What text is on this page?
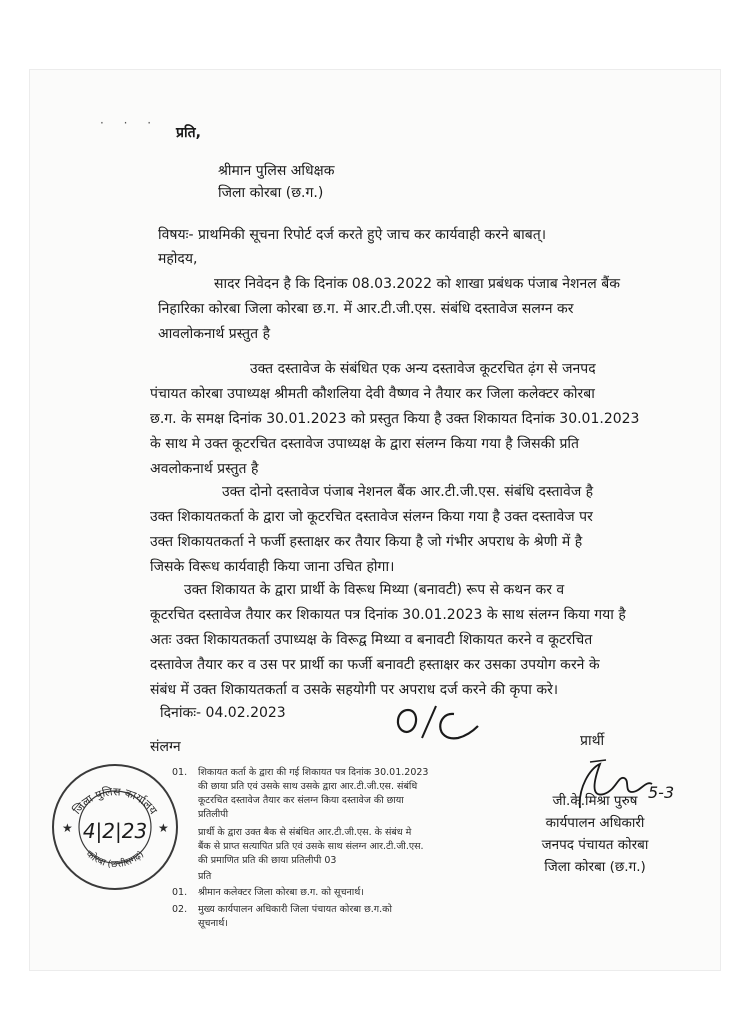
· · ·
प्रति,
श्रीमान पुलिस अधिक्षक
जिला कोरबा (छ.ग.)
विषयः- प्राथमिकी सूचना रिपोर्ट दर्ज करते हुऐ जाच कर कार्यवाही करने बाबत्।
महोदय,
सादर निवेदन है कि दिनांक 08.03.2022 को शाखा प्रबंधक पंजाब नेशनल बैंक
निहारिका कोरबा जिला कोरबा छ.ग. में आर.टी.जी.एस. संबंधि दस्तावेज सलग्न कर
आवलोकनार्थ प्रस्तुत है
उक्त दस्तावेज के संबंधित एक अन्य दस्तावेज कूटरचित ढ़ंग से जनपद
पंचायत कोरबा उपाध्यक्ष श्रीमती कौशलिया देवी वैष्णव ने तैयार कर जिला कलेक्टर कोरबा
छ.ग. के समक्ष दिनांक 30.01.2023 को प्रस्तुत किया है उक्त शिकायत दिनांक 30.01.2023
के साथ मे उक्त कूटरचित दस्तावेज उपाध्यक्ष के द्वारा संलग्न किया गया है जिसकी प्रति
अवलोकनार्थ प्रस्तुत है
उक्त दोनो दस्तावेज पंजाब नेशनल बैंक आर.टी.जी.एस. संबंधि दस्तावेज है
उक्त शिकायतकर्ता के द्वारा जो कूटरचित दस्तावेज संलग्न किया गया है उक्त दस्तावेज पर
उक्त शिकायतकर्ता ने फर्जी हस्ताक्षर कर तैयार किया है जो गंभीर अपराध के श्रेणी में है
जिसके विरूध कार्यवाही किया जाना उचित होगा।
उक्त शिकायत के द्वारा प्रार्थी के विरूध मिथ्या (बनावटी) रूप से कथन कर व
कूटरचित दस्तावेज तैयार कर शिकायत पत्र दिनांक 30.01.2023 के साथ संलग्न किया गया है
अतः उक्त शिकायतकर्ता उपाध्यक्ष के विरूद्व मिथ्या व बनावटी शिकायत करने व कूटरचित
दस्तावेज तैयार कर व उस पर प्रार्थी का फर्जी बनावटी हस्ताक्षर कर उसका उपयोग करने के
संबंध में उक्त शिकायतकर्ता व उसके सहयोगी पर अपराध दर्ज करने की कृपा करे।
दिनांकः- 04.02.2023
प्रार्थी
संलग्न
01.	शिकायत कर्ता के द्वारा की गई शिकायत पत्र दिनांक 30.01.2023
की छाया प्रति एवं उसके साथ उसके द्वारा आर.टी.जी.एस. संबंधि
कूटरचित दस्तावेज तैयार कर संलग्न किया दस्तावेज की छाया
प्रतिलीपी
प्रार्थी के द्वारा उक्त बैक से संबंधित आर.टी.जी.एस. के संबंध मे
बैंक से प्राप्त सत्यापित प्रति एवं उसके साथ संलग्न आर.टी.जी.एस.
की प्रमाणित प्रति की छाया प्रतिलीपी 03
प्रति
01.	श्रीमान कलेक्टर जिला कोरबा छ.ग. को सूचनार्थ।
02.	मुख्य कार्यपालन अधिकारी जिला पंचायत कोरबा छ.ग.को
सूचनार्थ।
जिला पुलिस कार्यालय
कोरबा (छत्तीसगढ़)
★	★
4|2|23
5-3
जी.के.मिश्रा पुरुष
कार्यपालन अधिकारी
जनपद पंचायत कोरबा
जिला कोरबा (छ.ग.)
